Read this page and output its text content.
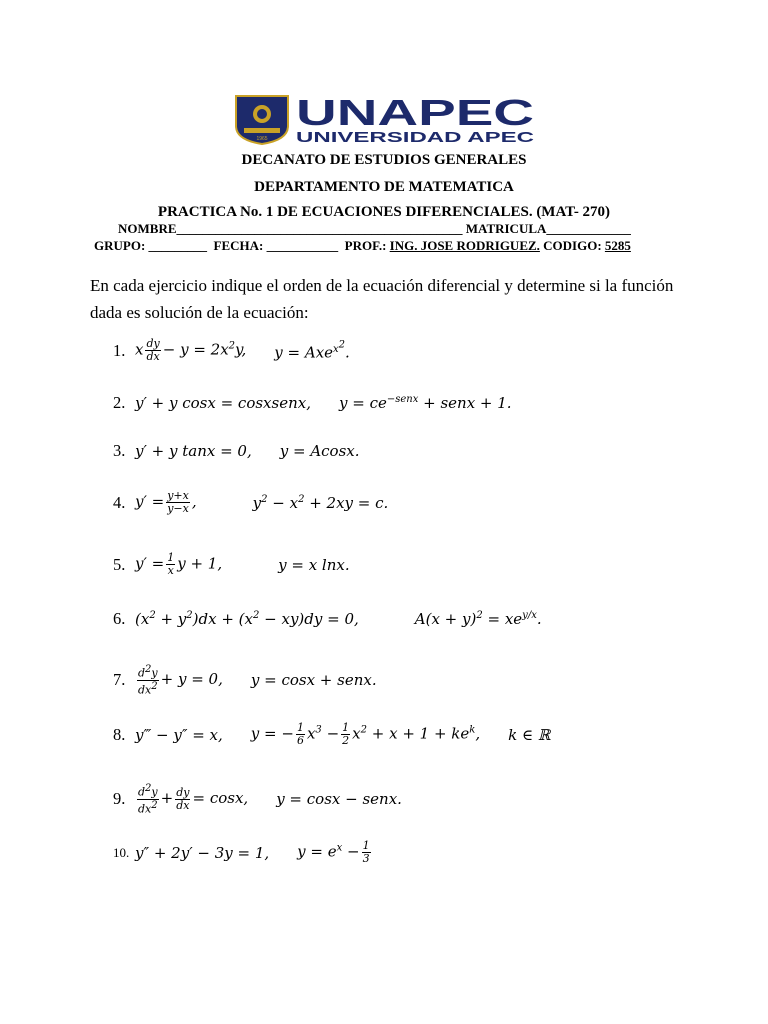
1965
UNAPEC
UNIVERSIDAD APEC
DECANATO DE ESTUDIOS GENERALES
DEPARTAMENTO DE MATEMATICA
PRACTICA No. 1 DE ECUACIONES DIFERENCIALES. (MAT- 270)
NOMBRE____________________________________________ MATRICULA_____________
GRUPO: _________ FECHA: ___________ PROF.: ING. JOSE RODRIGUEZ. CODIGO: 5285
En cada ejercicio indique el orden de la ecuación diferencial y determine si la función dada es solución de la ecuación:
1. x $\frac{dy}{dx} - y = 2x^2y$, y = Axe$^{x^2}$.
2. y′ + y cosx = cosxsenx, $y = ce^{-senx}$ + senx + 1.
3. y′ + y tanx = 0, y = Acosx.
4. $y' = \frac{y+x}{y-x}$ ,	$y^2 - x^2 + 2xy = c$.
5. $y' = \frac{1}{x}$ y + 1,	y = x lnx.
6. $(x^2 + y^2)dx + (x^2 - xy)dy = 0$,	$A(x + y)^2 = xe^{y/x}$.
7.	$\frac{d^2y}{dx^2} + y = 0$, y = cosx + senx.
8. y‴ − y″ = x, y = − $\frac{1}{6} x^3 - \frac{1}{2} x^2 + x + 1 + ke^k$, k ∈ ℝ
9.	$\frac{d^2y}{dx^2} + \frac{dy}{dx} = \cos x$, y = cosx − senx.
10. y″ + 2y′ − 3y = 1, $y = e^x - \frac{1}{3}$
